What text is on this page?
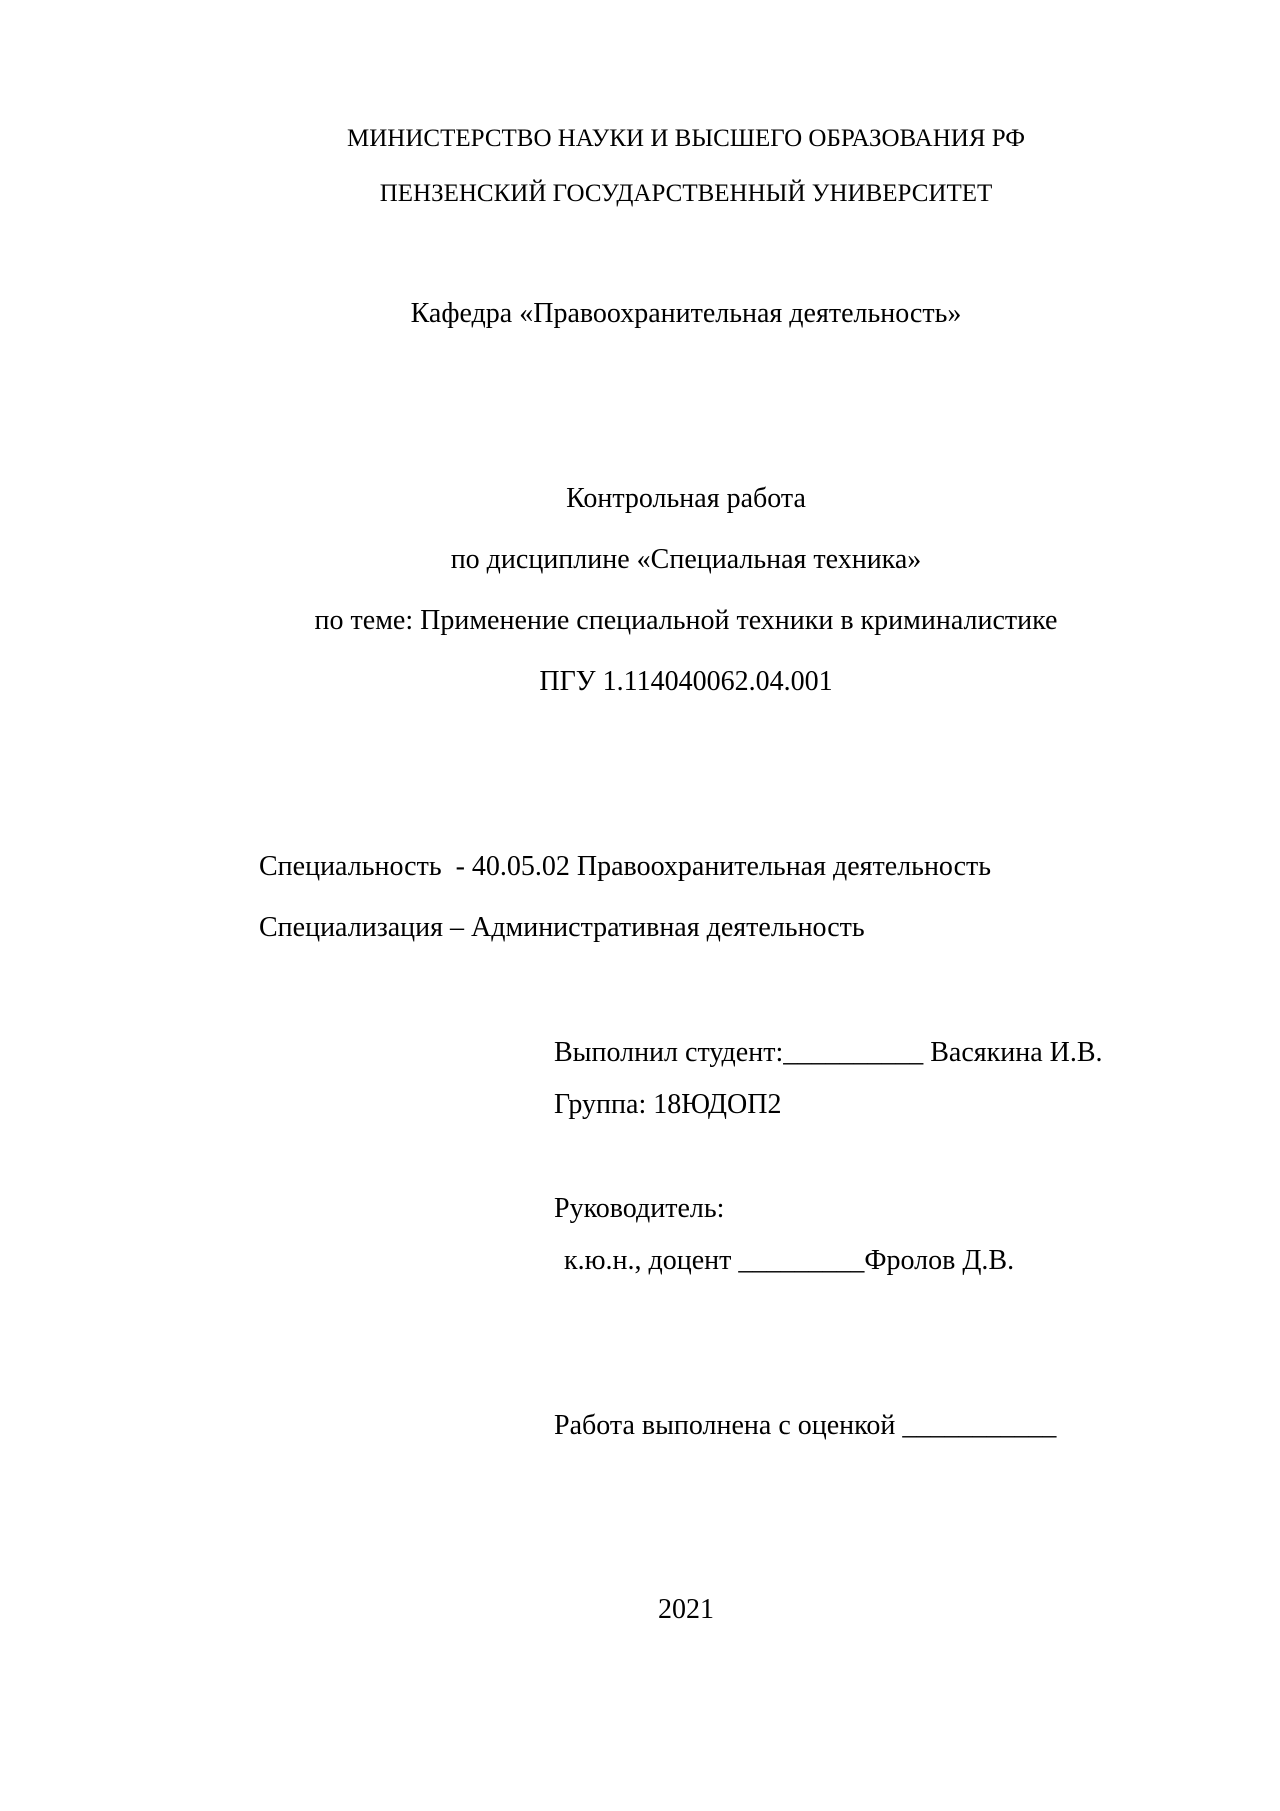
МИНИСТЕРСТВО НАУКИ И ВЫСШЕГО ОБРАЗОВАНИЯ РФ
ПЕНЗЕНСКИЙ ГОСУДАРСТВЕННЫЙ УНИВЕРСИТЕТ
Кафедра «Правоохранительная деятельность»
Контрольная работа
по дисциплине «Специальная техника»
по теме: Применение специальной техники в криминалистике
ПГУ 1.114040062.04.001
Специальность  - 40.05.02 Правоохранительная деятельность
Специализация – Административная деятельность
Выполнил студент:__________ Васякина И.В.
Группа: 18ЮДОП2
Руководитель:
к.ю.н., доцент _________Фролов Д.В.
Работа выполнена с оценкой ___________
2021
